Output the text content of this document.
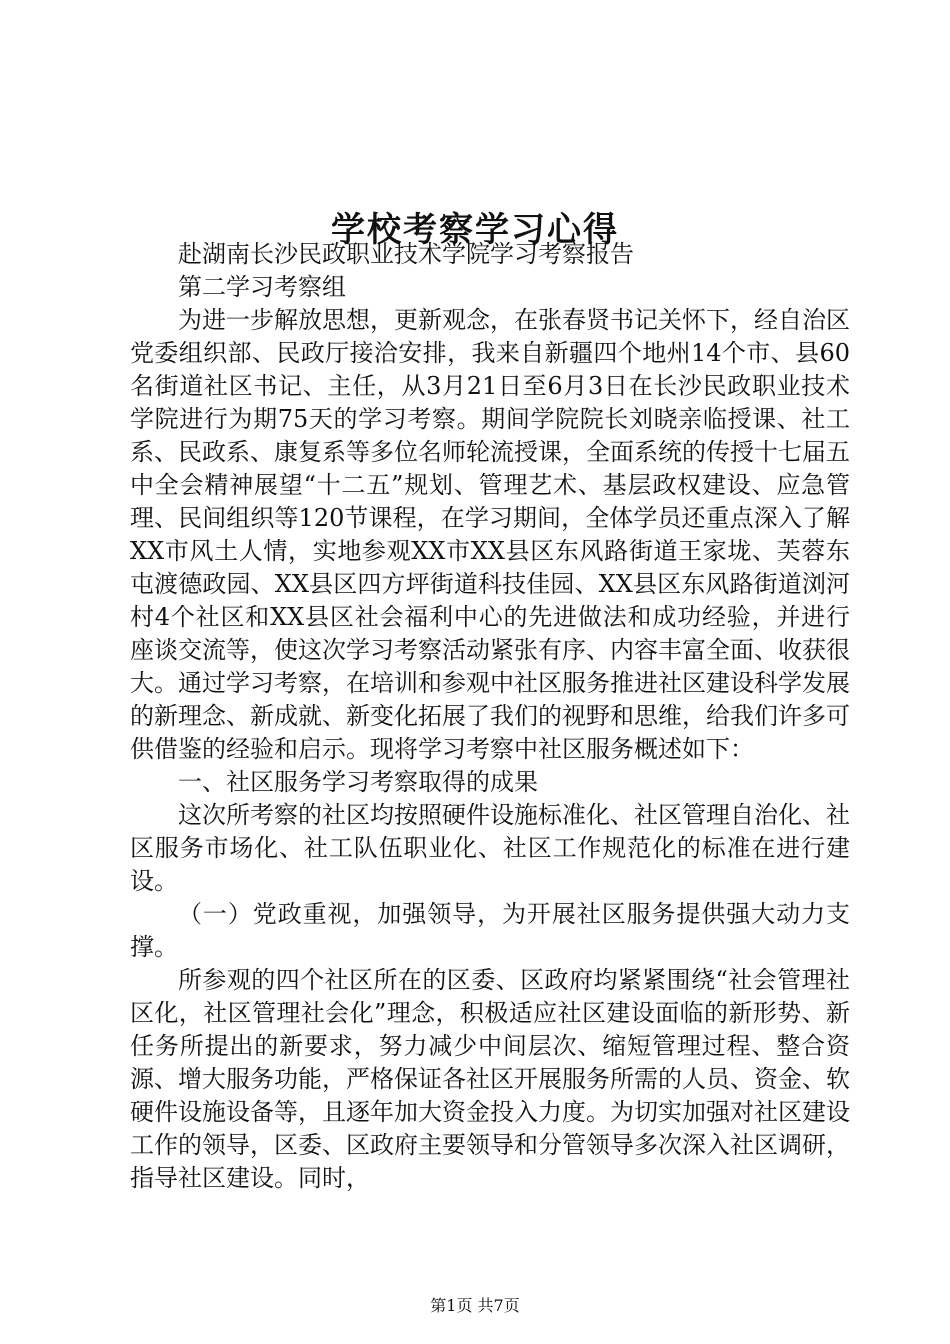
学校考察学习心得

赴湖南长沙民政职业技术学院学习考察报告

第二学习考察组

为进一步解放思想，更新观念，在张春贤书记关怀下，经自治区党委组织部、民政厅接洽安排，我来自新疆四个地州14个市、县60名街道社区书记、主任，从3月21日至6月3日在长沙民政职业技术学院进行为期75天的学习考察。期间学院院长刘晓亲临授课、社工系、民政系、康复系等多位名师轮流授课，全面系统的传授十七届五中全会精神展望“十二五”规划、管理艺术、基层政权建设、应急管理、民间组织等120节课程，在学习期间，全体学员还重点深入了解XX市风土人情，实地参观XX市XX县区东风路街道王家垅、芙蓉东屯渡德政园、XX县区四方坪街道科技佳园、XX县区东风路街道浏河村4个社区和XX县区社会福利中心的先进做法和成功经验，并进行座谈交流等，使这次学习考察活动紧张有序、内容丰富全面、收获很大。通过学习考察，在培训和参观中社区服务推进社区建设科学发展的新理念、新成就、新变化拓展了我们的视野和思维，给我们许多可供借鉴的经验和启示。现将学习考察中社区服务概述如下：

一、社区服务学习考察取得的成果

这次所考察的社区均按照硬件设施标准化、社区管理自治化、社区服务市场化、社工队伍职业化、社区工作规范化的标准在进行建设。

（一）党政重视，加强领导，为开展社区服务提供强大动力支撑。

所参观的四个社区所在的区委、区政府均紧紧围绕“社会管理社区化，社区管理社会化”理念，积极适应社区建设面临的新形势、新任务所提出的新要求，努力减少中间层次、缩短管理过程、整合资源、增大服务功能，严格保证各社区开展服务所需的人员、资金、软硬件设施设备等，且逐年加大资金投入力度。为切实加强对社区建设工作的领导，区委、区政府主要领导和分管领导多次深入社区调研，指导社区建设。同时，

第1页 共7页
